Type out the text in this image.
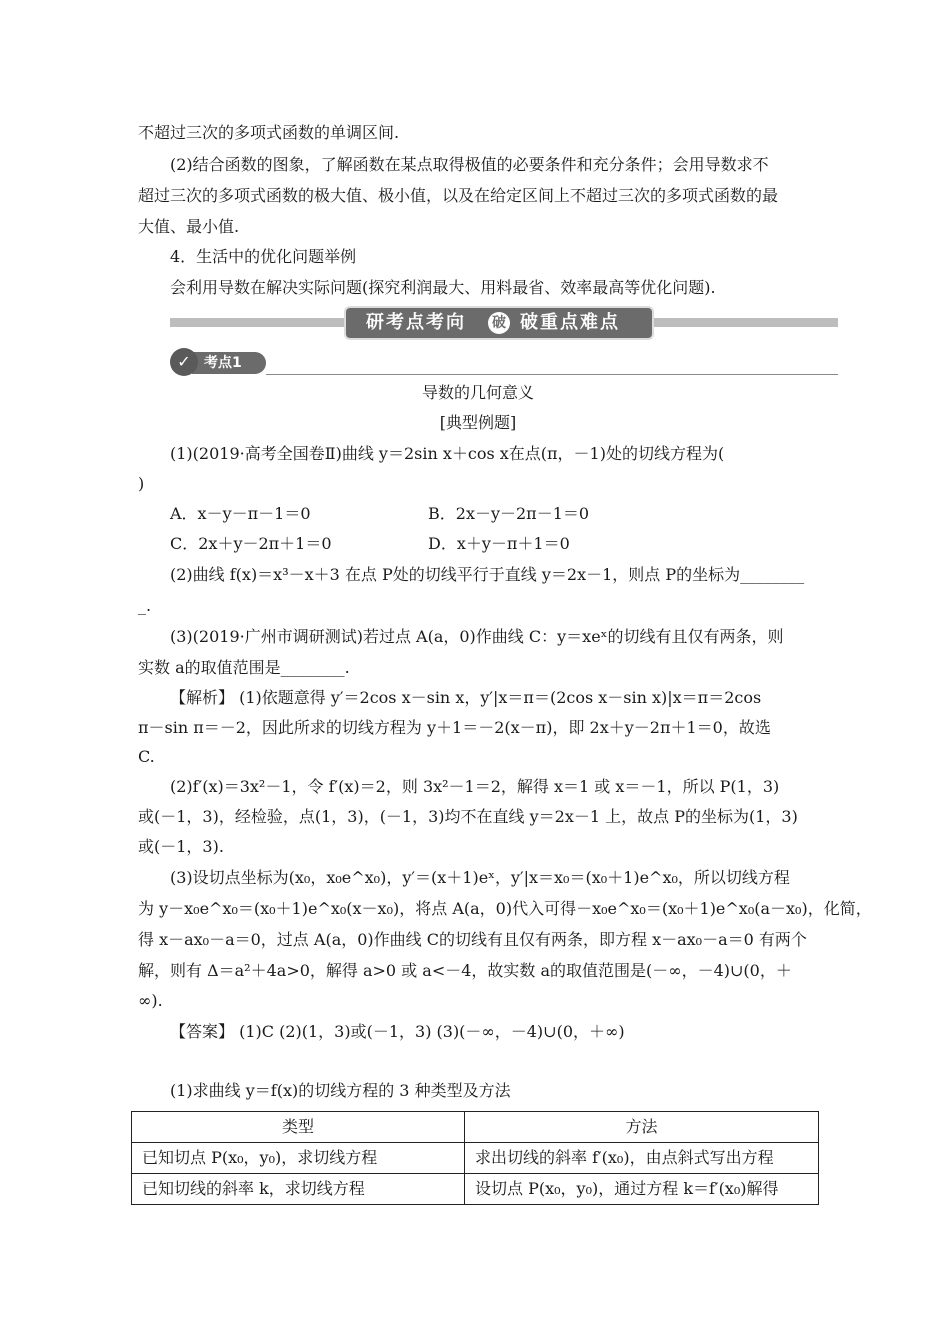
不超过三次的多项式函数的单调区间.
(2)结合函数的图象，了解函数在某点取得极值的必要条件和充分条件；会用导数求不
超过三次的多项式函数的极大值、极小值，以及在给定区间上不超过三次的多项式函数的最
大值、最小值.
4．生活中的优化问题举例
会利用导数在解决实际问题(探究利润最大、用料最省、效率最高等优化问题).
研考点考向 破 破重点难点
考点1
✓
导数的几何意义
[典型例题]
(1)(2019·高考全国卷Ⅱ)曲线 y＝2sin x＋cos x在点(π，－1)处的切线方程为(
)
A．x－y－π－1＝0	B．2x－y－2π－1＝0
C．2x＋y－2π＋1＝0	D．x＋y－π＋1＝0
(2)曲线 f(x)＝x³－x＋3 在点 P处的切线平行于直线 y＝2x－1，则点 P的坐标为________
_.
(3)(2019·广州市调研测试)若过点 A(a，0)作曲线 C：y＝xeˣ的切线有且仅有两条，则
实数 a的取值范围是________.
【解析】 (1)依题意得 y′＝2cos x－sin x，y′|x＝π＝(2cos x－sin x)|x＝π＝2cos
π－sin π＝－2，因此所求的切线方程为 y＋1＝－2(x－π)，即 2x＋y－2π＋1＝0，故选
C.
(2)f′(x)＝3x²－1，令 f′(x)＝2，则 3x²－1＝2，解得 x＝1 或 x＝－1，所以 P(1，3)
或(－1，3)，经检验，点(1，3)，(－1，3)均不在直线 y＝2x－1 上，故点 P的坐标为(1，3)
或(－1，3).
(3)设切点坐标为(x₀，x₀e^x₀)，y′＝(x＋1)eˣ，y′|x＝x₀＝(x₀＋1)e^x₀，所以切线方程
为 y－x₀e^x₀＝(x₀＋1)e^x₀(x－x₀)，将点 A(a，0)代入可得－x₀e^x₀＝(x₀＋1)e^x₀(a－x₀)，化简，
得 x－ax₀－a＝0，过点 A(a，0)作曲线 C的切线有且仅有两条，即方程 x－ax₀－a＝0 有两个
解，则有 Δ＝a²＋4a>0，解得 a>0 或 a<－4，故实数 a的取值范围是(－∞，－4)∪(0，＋
∞).
【答案】 (1)C (2)(1，3)或(－1，3) (3)(－∞，－4)∪(0，＋∞)
(1)求曲线 y＝f(x)的切线方程的 3 种类型及方法
类型	方法
已知切点 P(x₀，y₀)，求切线方程	求出切线的斜率 f′(x₀)，由点斜式写出方程
已知切线的斜率 k，求切线方程	设切点 P(x₀，y₀)，通过方程 k＝f′(x₀)解得
